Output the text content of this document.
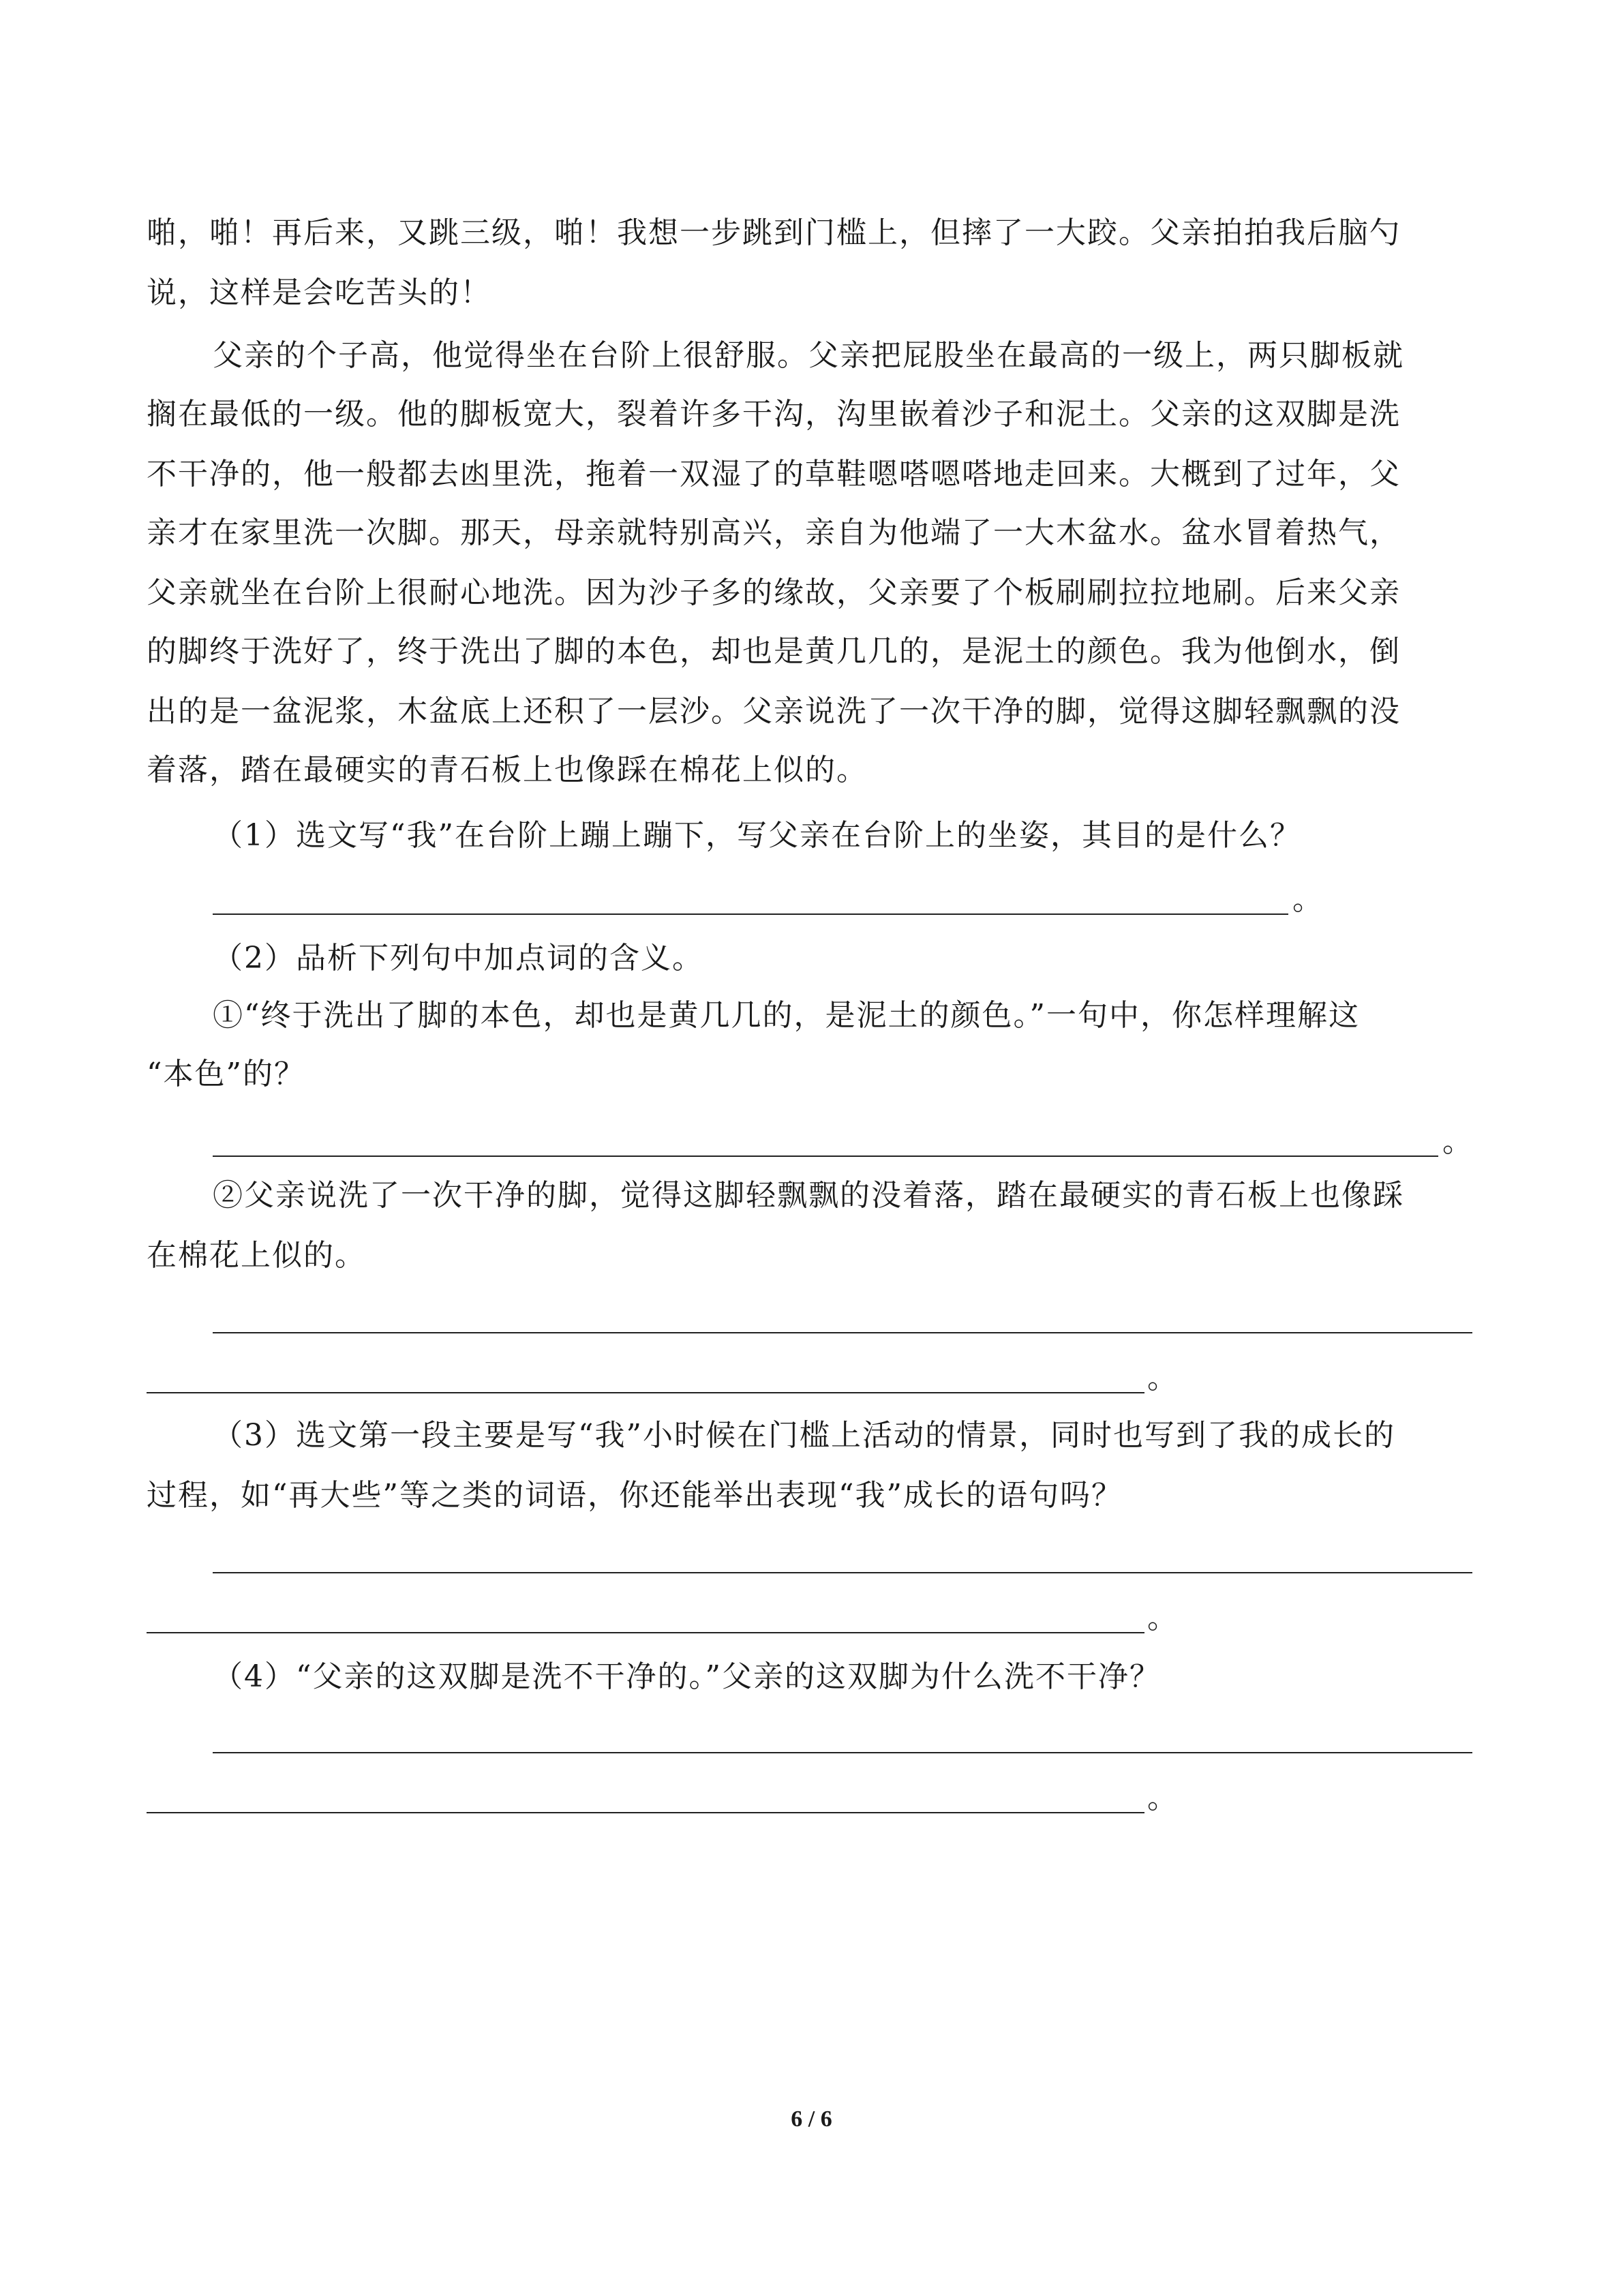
啪，啪！再后来，又跳三级，啪！我想一步跳到门槛上，但摔了一大跤。父亲拍拍我后脑勺
说，这样是会吃苦头的！
父亲的个子高，他觉得坐在台阶上很舒服。父亲把屁股坐在最高的一级上，两只脚板就
搁在最低的一级。他的脚板宽大，裂着许多干沟，沟里嵌着沙子和泥土。父亲的这双脚是洗
不干净的，他一般都去凼里洗，拖着一双湿了的草鞋嗯嗒嗯嗒地走回来。大概到了过年，父
亲才在家里洗一次脚。那天，母亲就特别高兴，亲自为他端了一大木盆水。盆水冒着热气，
父亲就坐在台阶上很耐心地洗。因为沙子多的缘故，父亲要了个板刷刷拉拉地刷。后来父亲
的脚终于洗好了，终于洗出了脚的本色，却也是黄几几的，是泥土的颜色。我为他倒水，倒
出的是一盆泥浆，木盆底上还积了一层沙。父亲说洗了一次干净的脚，觉得这脚轻飘飘的没
着落，踏在最硬实的青石板上也像踩在棉花上似的。
（1）选文写“我”在台阶上蹦上蹦下，写父亲在台阶上的坐姿，其目的是什么？
。
（2）品析下列句中加点词的含义。
①“终于洗出了脚的本色，却也是黄几几的，是泥土的颜色。”一句中，你怎样理解这
“本色”的？
。
②父亲说洗了一次干净的脚，觉得这脚轻飘飘的没着落，踏在最硬实的青石板上也像踩
在棉花上似的。
。
（3）选文第一段主要是写“我”小时候在门槛上活动的情景，同时也写到了我的成长的
过程，如“再大些”等之类的词语，你还能举出表现“我”成长的语句吗？
。
（4）“父亲的这双脚是洗不干净的。”父亲的这双脚为什么洗不干净？
。
6 / 6
